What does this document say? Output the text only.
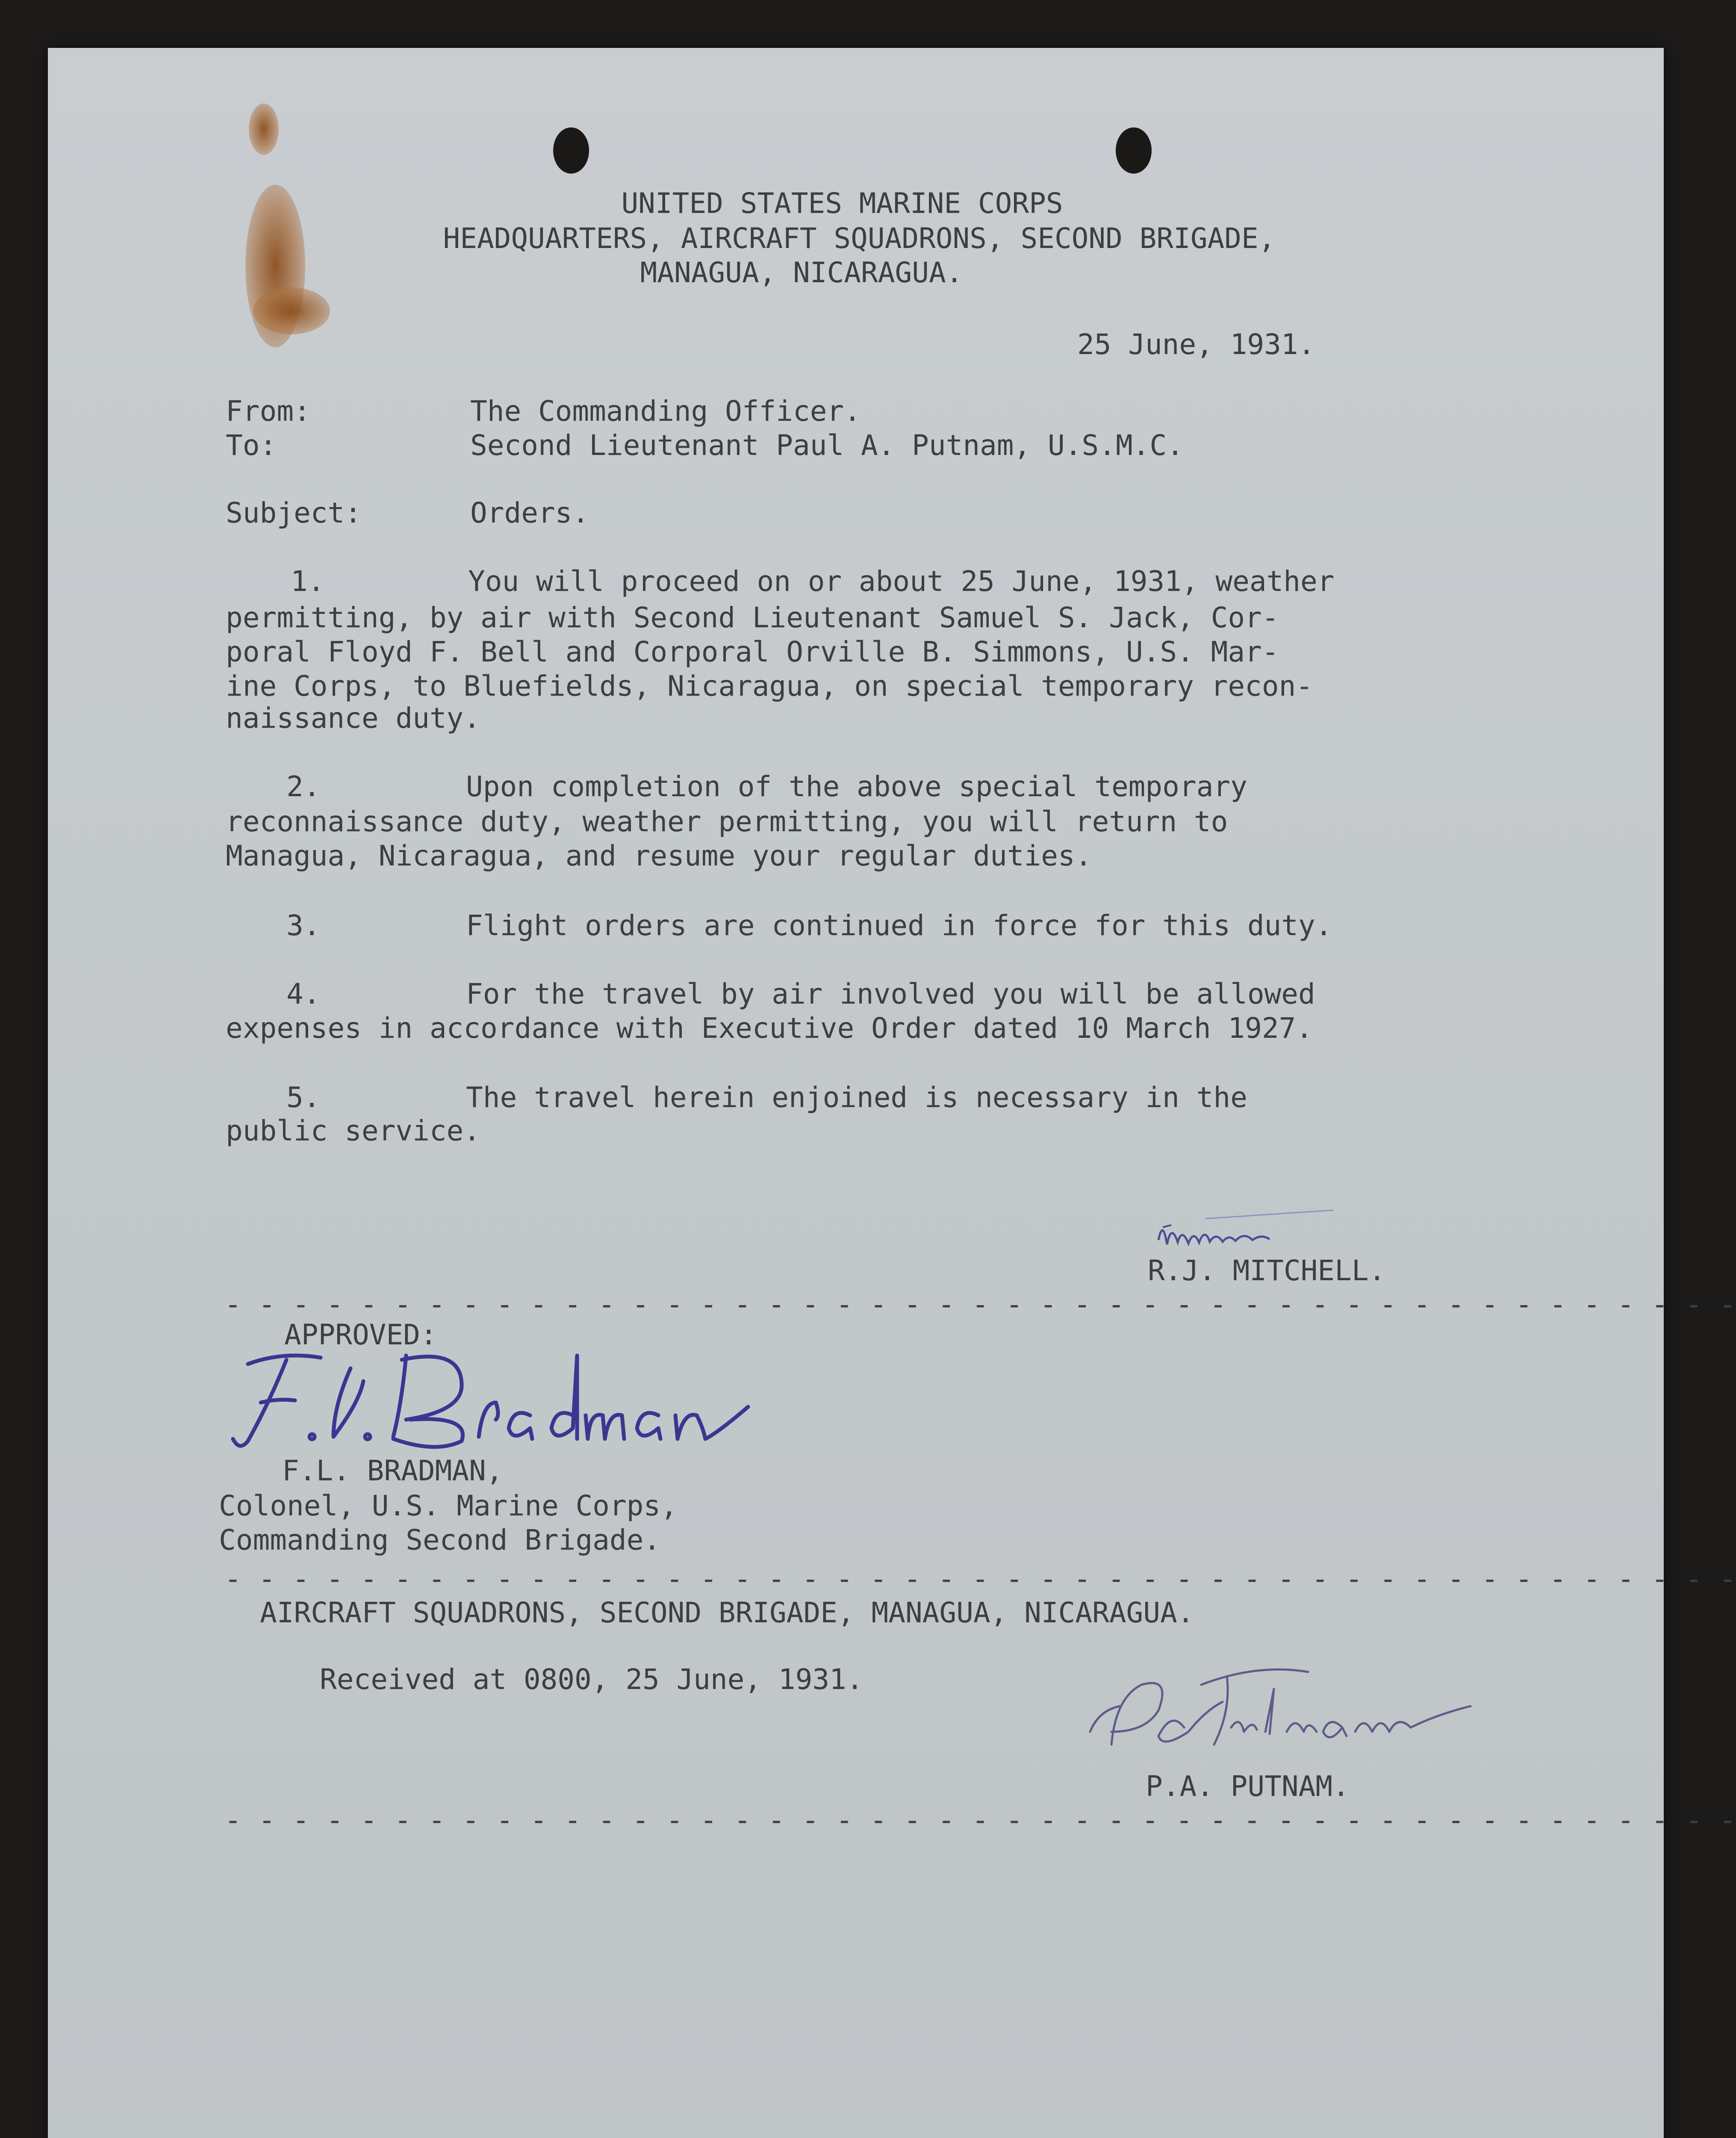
UNITED STATES MARINE CORPS
HEADQUARTERS, AIRCRAFT SQUADRONS, SECOND BRIGADE,
MANAGUA, NICARAGUA.
25 June, 1931.
From:	The Commanding Officer.
To:	Second Lieutenant Paul A. Putnam, U.S.M.C.
Subject:	Orders.
1.	You will proceed on or about 25 June, 1931, weather
permitting, by air with Second Lieutenant Samuel S. Jack, Cor-
poral Floyd F. Bell and Corporal Orville B. Simmons, U.S. Mar-
ine Corps, to Bluefields, Nicaragua, on special temporary recon-
naissance duty.
2.	Upon completion of the above special temporary
reconnaissance duty, weather permitting, you will return to
Managua, Nicaragua, and resume your regular duties.
3.	Flight orders are continued in force for this duty.
4.	For the travel by air involved you will be allowed
expenses in accordance with Executive Order dated 10 March 1927.
5.	The travel herein enjoined is necessary in the
public service.
R.J. MITCHELL.
- - - - - - - - - - - - - - - - - - - - - - - - - - - - - - - - - - - - - - - - - - - - -
APPROVED:
F.L. BRADMAN,
Colonel, U.S. Marine Corps,
Commanding Second Brigade.
- - - - - - - - - - - - - - - - - - - - - - - - - - - - - - - - - - - - - - - - - - - - -
AIRCRAFT SQUADRONS, SECOND BRIGADE, MANAGUA, NICARAGUA.
Received at 0800, 25 June, 1931.
P.A. PUTNAM.
- - - - - - - - - - - - - - - - - - - - - - - - - - - - - - - - - - - - - - - - - - - - -
